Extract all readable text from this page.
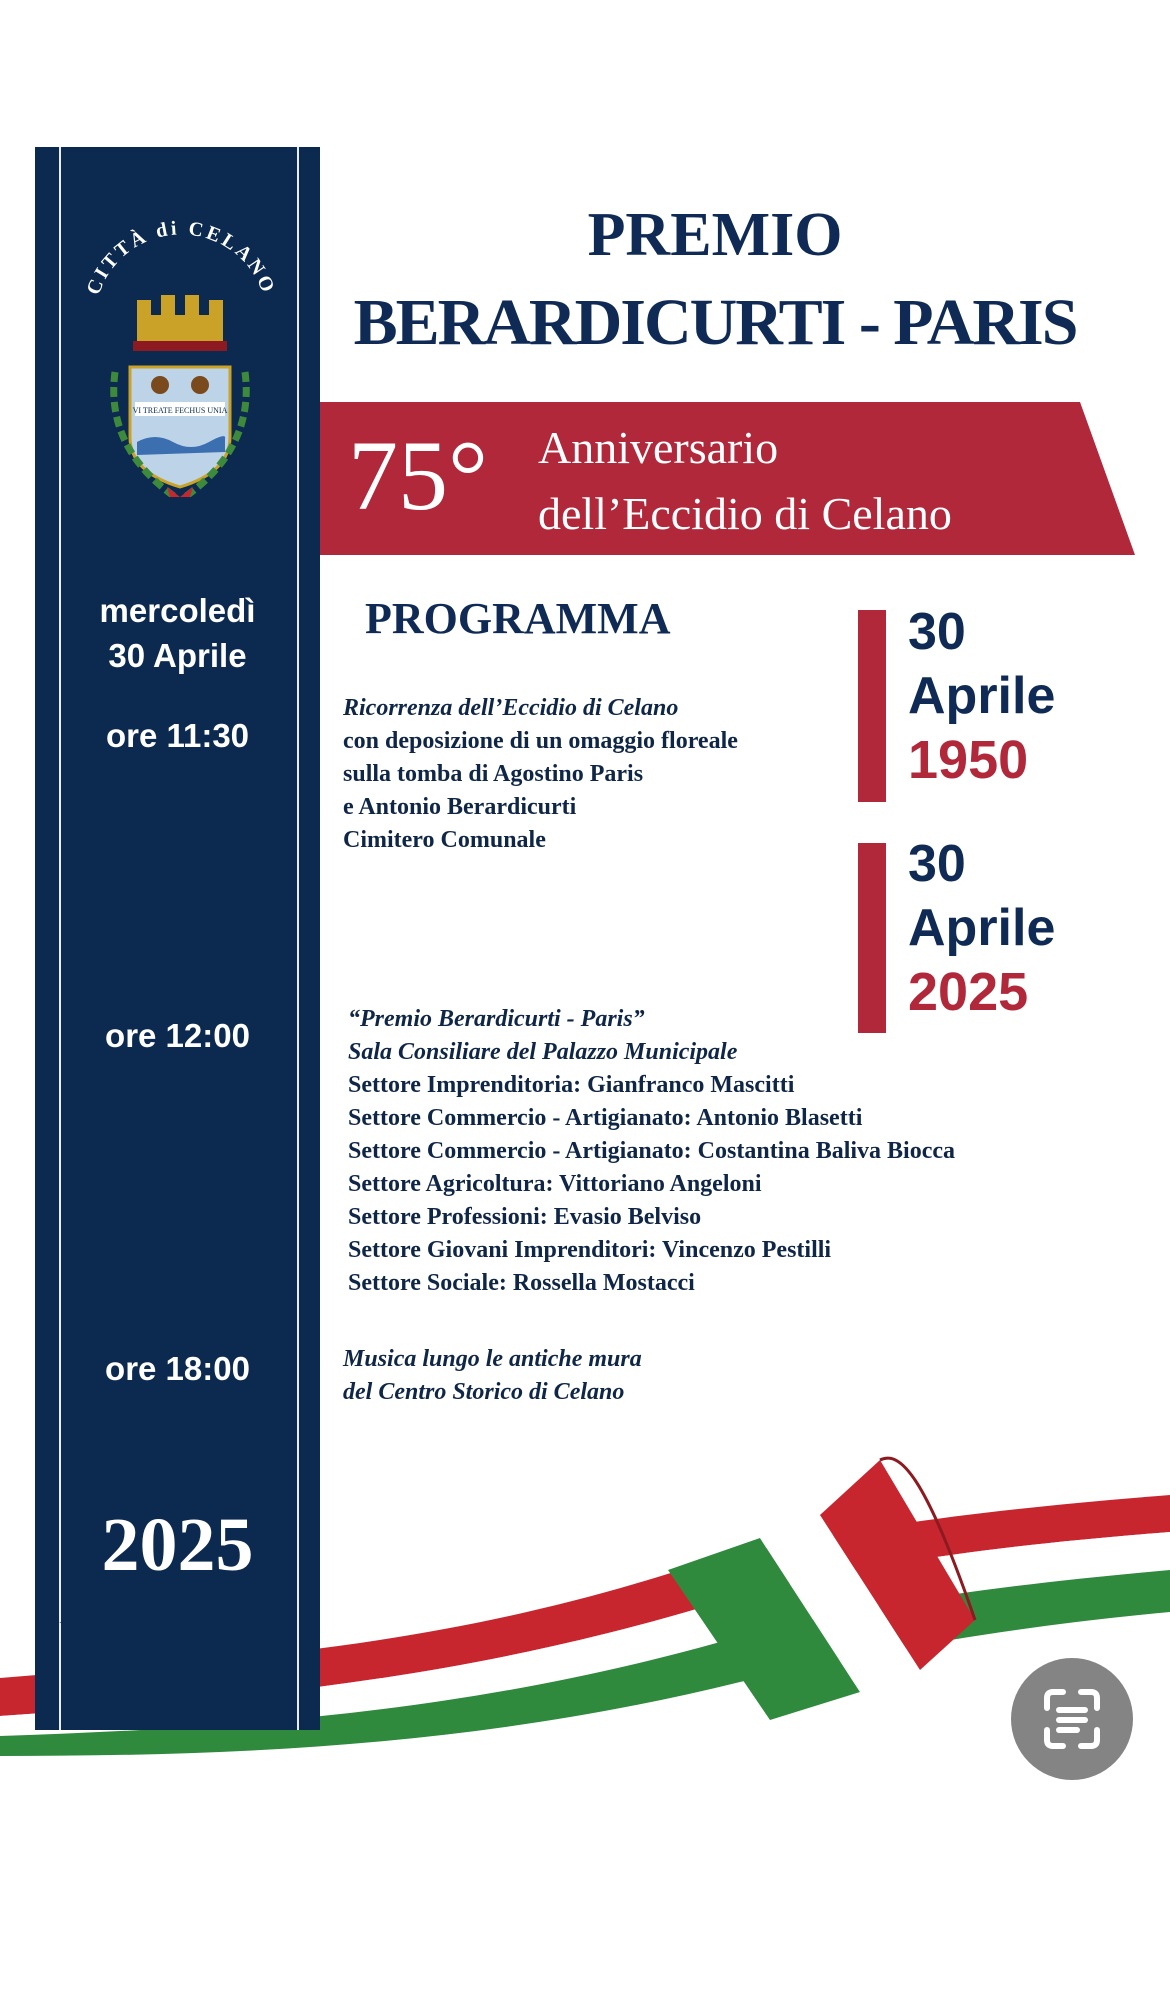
CITTÀ di CELANO
VI TREATE FECHUS UNIA
mercoledì
30 Aprile
ore 11:30
ore 12:00
ore 18:00
2025
PREMIO
BERARDICURTI - PARIS
75° Anniversario
dell’Eccidio di Celano
PROGRAMMA
Ricorrenza dell’Eccidio di Celano
con deposizione di un omaggio floreale
sulla tomba di Agostino Paris
e Antonio Berardicurti
Cimitero Comunale
30
Aprile
1950
30
Aprile
2025
“Premio Berardicurti - Paris”
Sala Consiliare del Palazzo Municipale
Settore Imprenditoria: Gianfranco Mascitti
Settore Commercio - Artigianato: Antonio Blasetti
Settore Commercio - Artigianato: Costantina Baliva Biocca
Settore Agricoltura: Vittoriano Angeloni
Settore Professioni: Evasio Belviso
Settore Giovani Imprenditori: Vincenzo Pestilli
Settore Sociale: Rossella Mostacci
Musica lungo le antiche mura
del Centro Storico di Celano
